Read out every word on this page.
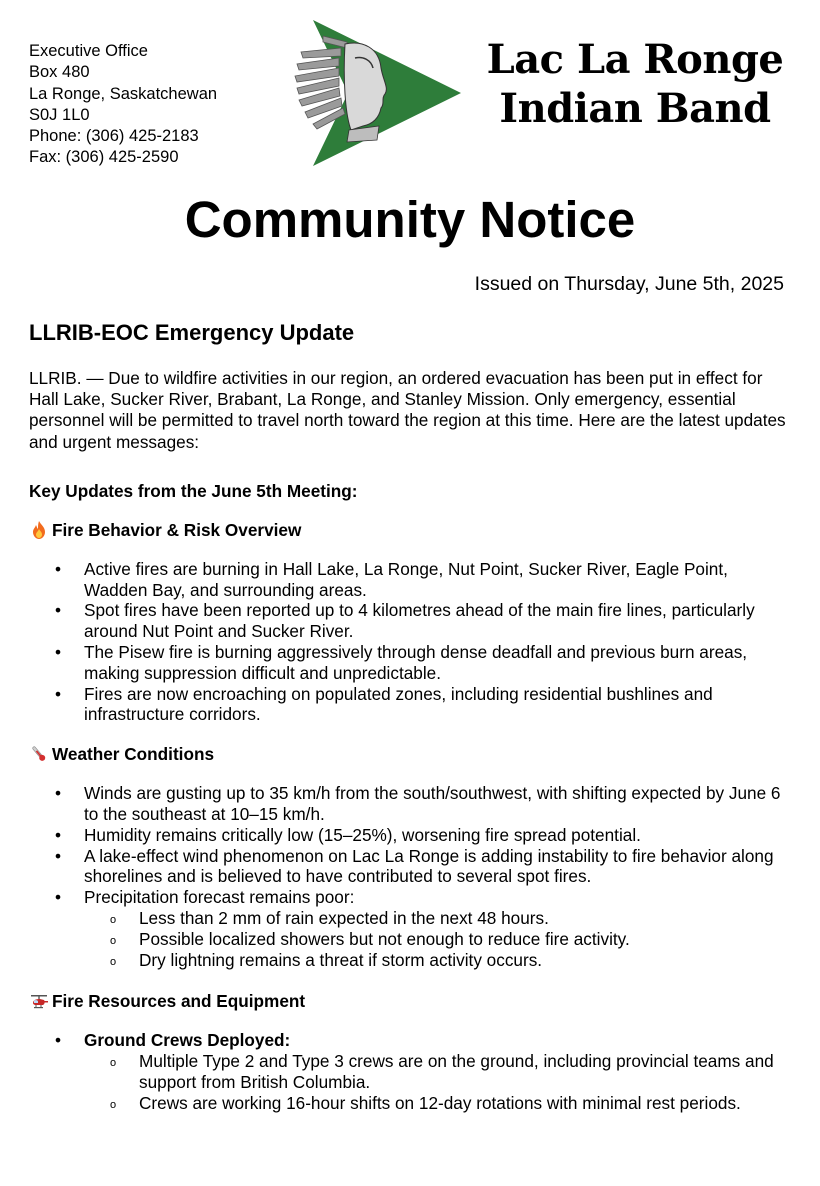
Executive Office
Box 480
La Ronge, Saskatchewan
S0J 1L0
Phone: (306) 425-2183
Fax: (306) 425-2590
Lac La Ronge
Indian Band
Community Notice
Issued on Thursday, June 5th, 2025
LLRIB-EOC Emergency Update

LLRIB. — Due to wildfire activities in our region, an ordered evacuation has been put in effect for Hall Lake, Sucker River, Brabant, La Ronge, and Stanley Mission. Only emergency, essential personnel will be permitted to travel north toward the region at this time. Here are the latest updates and urgent messages:

Key Updates from the June 5th Meeting:
Fire Behavior & Risk Overview
• Active fires are burning in Hall Lake, La Ronge, Nut Point, Sucker River, Eagle Point, Wadden Bay, and surrounding areas.
• Spot fires have been reported up to 4 kilometres ahead of the main fire lines, particularly around Nut Point and Sucker River.
• The Pisew fire is burning aggressively through dense deadfall and previous burn areas, making suppression difficult and unpredictable.
• Fires are now encroaching on populated zones, including residential bushlines and infrastructure corridors.
Weather Conditions
• Winds are gusting up to 35 km/h from the south/southwest, with shifting expected by June 6 to the southeast at 10–15 km/h.
• Humidity remains critically low (15–25%), worsening fire spread potential.
• A lake-effect wind phenomenon on Lac La Ronge is adding instability to fire behavior along shorelines and is believed to have contributed to several spot fires.
• Precipitation forecast remains poor:
o Less than 2 mm of rain expected in the next 48 hours.
o Possible localized showers but not enough to reduce fire activity.
o Dry lightning remains a threat if storm activity occurs.
Fire Resources and Equipment
• Ground Crews Deployed:
o Multiple Type 2 and Type 3 crews are on the ground, including provincial teams and support from British Columbia.
o Crews are working 16-hour shifts on 12-day rotations with minimal rest periods.
